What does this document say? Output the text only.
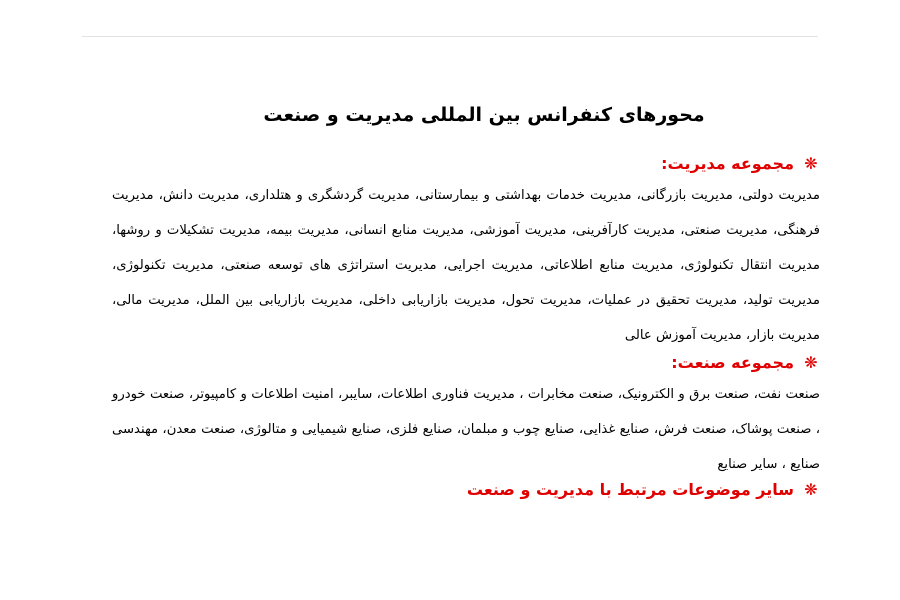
محورهای کنفرانس بین المللی مدیریت و صنعت
❋
مجموعه مدیریت:

مدیریت دولتی، مدیریت بازرگانی، مدیریت خدمات بهداشتی و بیمارستانی، مدیریت گردشگری و هتلداری، مدیریت دانش، مدیریت فرهنگی، مدیریت صنعتی، مدیریت کارآفرینی، مدیریت آموزشی، مدیریت منابع انسانی، مدیریت بیمه، مدیریت تشکیلات و روشها، مدیریت انتقال تکنولوژی، مدیریت منابع اطلاعاتی، مدیریت اجرایی، مدیریت استراتژی های توسعه صنعتی، مدیریت تکنولوژی، مدیریت تولید، مدیریت تحقیق در عملیات، مدیریت تحول، مدیریت بازاریابی داخلی، مدیریت بازاریابی بین الملل، مدیریت مالی، مدیریت بازار، مدیریت آموزش عالی

❋
مجموعه صنعت:

صنعت نفت، صنعت برق و الکترونیک، صنعت مخابرات ، مدیریت فناوری اطلاعات، سایبر، امنیت اطلاعات و کامپیوتر، صنعت خودرو ، صنعت پوشاک، صنعت فرش، صنایع غذایی، صنایع چوب و مبلمان، صنایع فلزی، صنایع شیمیایی و متالوژی، صنعت معدن، مهندسی صنایع ، سایر صنایع

❋
سایر موضوعات مرتبط با مدیریت و صنعت
